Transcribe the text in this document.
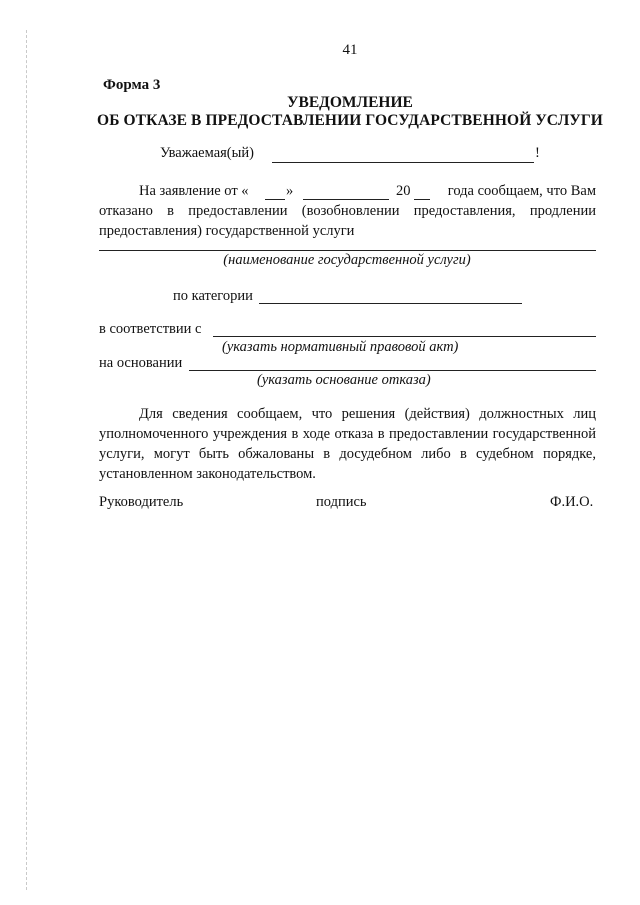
41
Форма 3
УВЕДОМЛЕНИЕ
ОБ ОТКАЗЕ В ПРЕДОСТАВЛЕНИИ ГОСУДАРСТВЕННОЙ УСЛУГИ
Уважаемая(ый)	!
На заявление от «	»	20	года сообщаем, что Вам
отказано в предоставлении (возобновлении предоставления, продлении
предоставления) государственной услуги
(наименование государственной услуги)
по категории
в соответствии с
(указать нормативный правовой акт)
на основании
(указать основание отказа)
Для сведения сообщаем, что решения (действия) должностных лиц уполномоченного учреждения в ходе отказа в предоставлении государственной услуги, могут быть обжалованы в досудебном либо в судебном порядке, установленном законодательством.
Руководитель	подпись	Ф.И.О.
